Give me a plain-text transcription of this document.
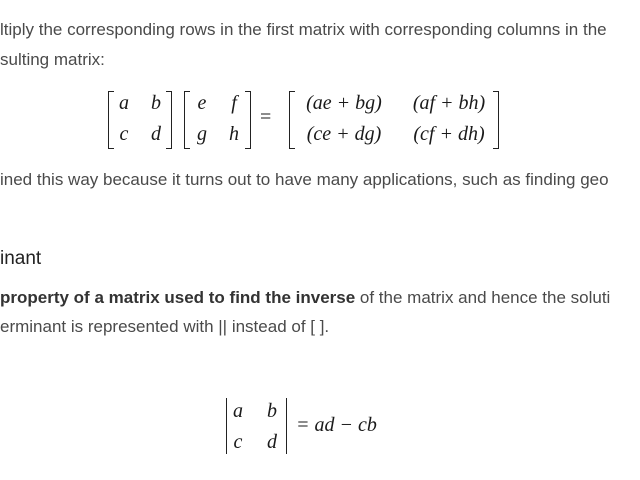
ltiply the corresponding rows in the first matrix with corresponding columns in the
sulting matrix:
a b
c d
e f
g h
=
(ae + bg)	(af + bh)
(ce + dg)	(cf + dh)
ined this way because it turns out to have many applications, such as finding geo
inant
property of a matrix used to find the inverse of the matrix and hence the soluti
erminant is represented with || instead of [ ].
a b
c d
= ad − cb
